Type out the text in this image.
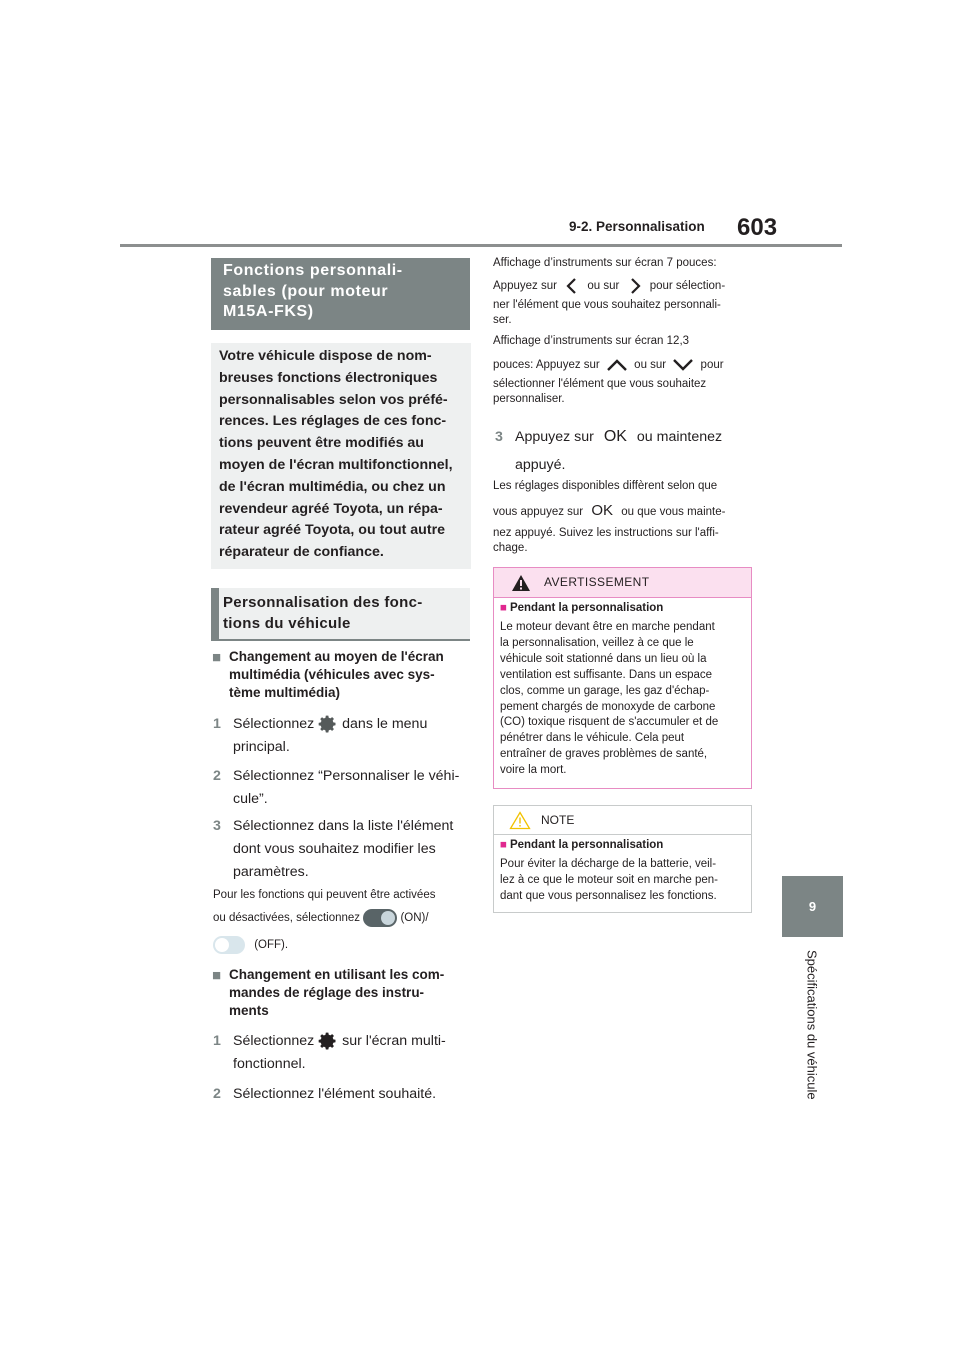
9-2. Personnalisation 603
9
Spécifications du véhicule
Fonctions personnali-
sables (pour moteur
M15A-FKS)
Votre véhicule dispose de nom-
breuses fonctions électroniques
personnalisables selon vos préfé-
rences. Les réglages de ces fonc-
tions peuvent être modifiés au
moyen de l'écran multifonctionnel,
de l'écran multimédia, ou chez un
revendeur agréé Toyota, un répa-
rateur agréé Toyota, ou tout autre
réparateur de confiance.
Personnalisation des fonc-
tions du véhicule
■ Changement au moyen de l'écran
multimédia (véhicules avec sys-
tème multimédia)
1 Sélectionnez dans le menu
principal.
2 Sélectionnez “Personnaliser le véhi-
cule”.
3 Sélectionnez dans la liste l'élément
dont vous souhaitez modifier les
paramètres.
Pour les fonctions qui peuvent être activées
ou désactivées, sélectionnez	(ON)/
(OFF).
■ Changement en utilisant les com-
mandes de réglage des instru-
ments
1 Sélectionnez sur l'écran multi-
fonctionnel.
2 Sélectionnez l'élément souhaité.
Affichage d’instruments sur écran 7 pouces:
Appuyez sur	ou sur	pour sélection-
ner l'élément que vous souhaitez personnali-
ser.
Affichage d’instruments sur écran 12,3
pouces: Appuyez sur	ou sur	pour
sélectionner l'élément que vous souhaitez
personnaliser.
3 Appuyez sur OK ou maintenez
appuyé.
Les réglages disponibles diffèrent selon que
vous appuyez sur OK ou que vous mainte-
nez appuyé. Suivez les instructions sur l'affi-
chage.
AVERTISSEMENT
■ Pendant la personnalisation
Le moteur devant être en marche pendant
la personnalisation, veillez à ce que le
véhicule soit stationné dans un lieu où la
ventilation est suffisante. Dans un espace
clos, comme un garage, les gaz d'échap-
pement chargés de monoxyde de carbone
(CO) toxique risquent de s'accumuler et de
pénétrer dans le véhicule. Cela peut
entraîner de graves problèmes de santé,
voire la mort.
NOTE
■ Pendant la personnalisation
Pour éviter la décharge de la batterie, veil-
lez à ce que le moteur soit en marche pen-
dant que vous personnalisez les fonctions.
